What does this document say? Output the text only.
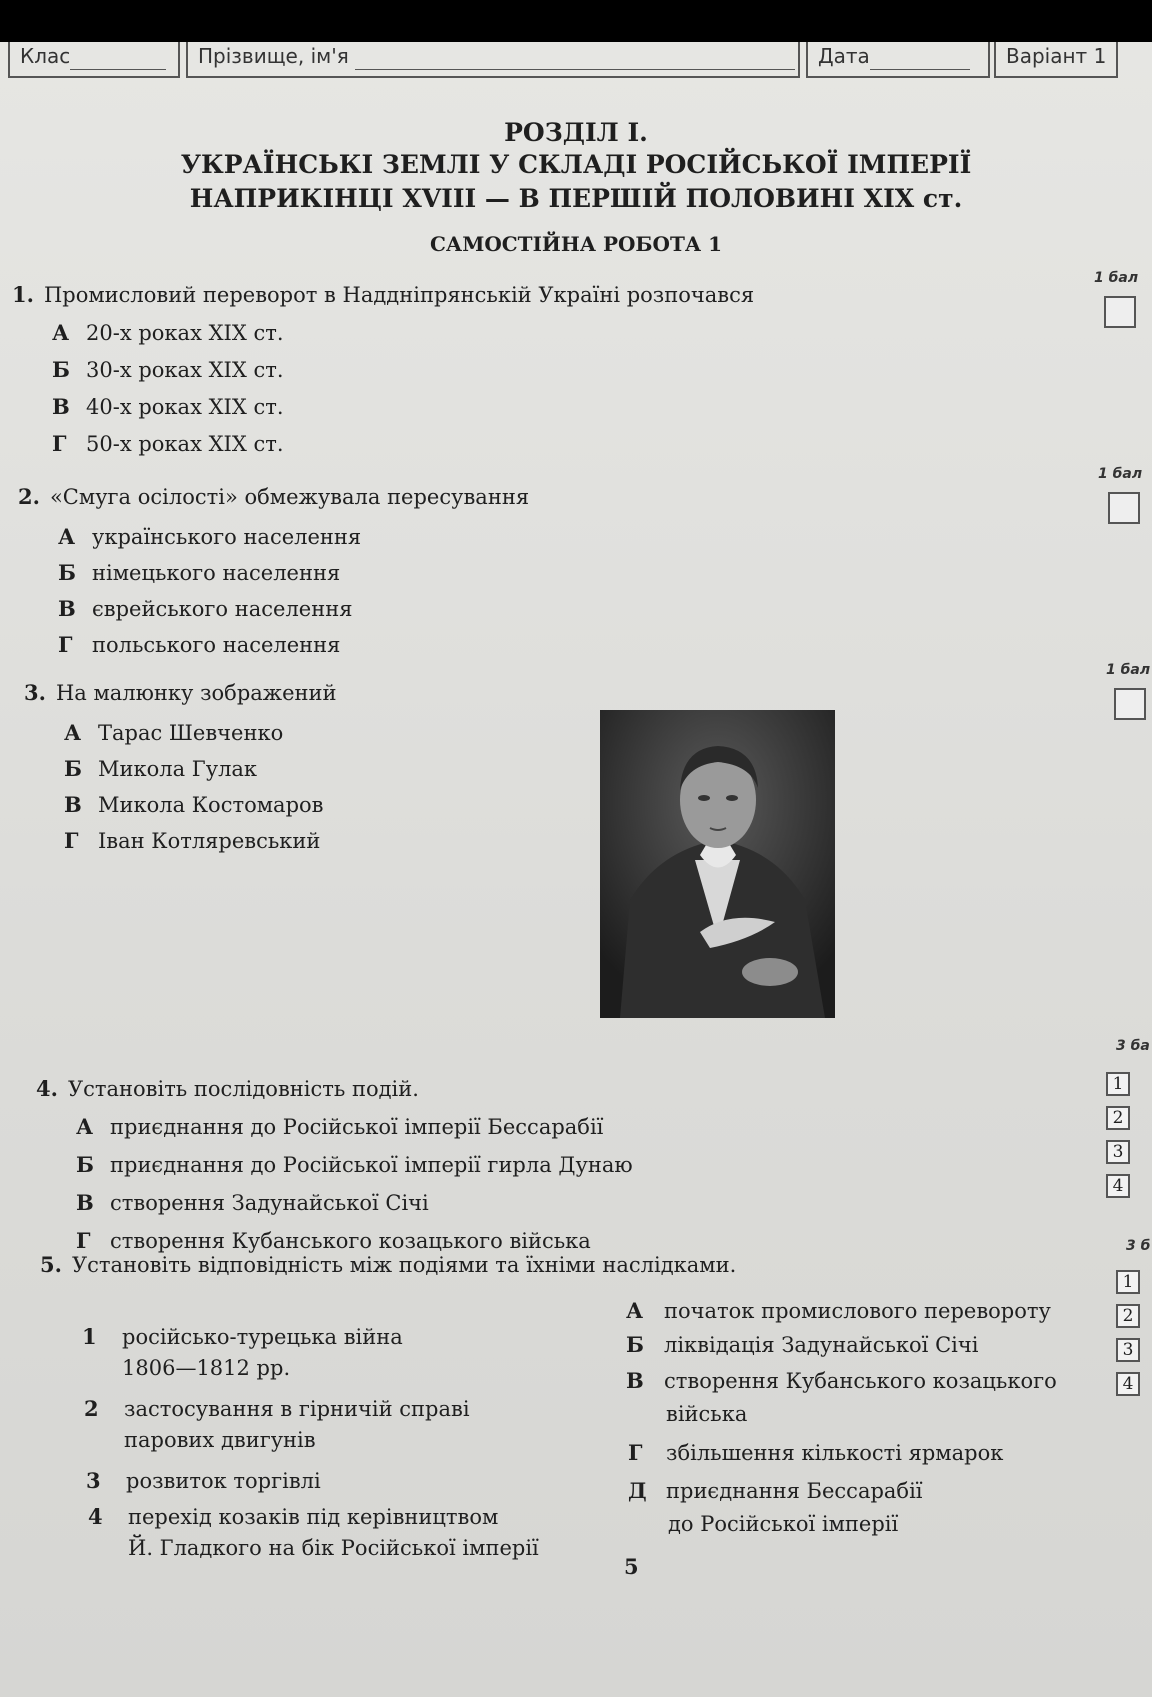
Клас	Прізвище, ім'я	Дата	Варіант 1
РОЗДІЛ І.
УКРАЇНСЬКІ ЗЕМЛІ У СКЛАДІ РОСІЙСЬКОЇ ІМПЕРІЇ
НАПРИКІНЦІ XVIII — В ПЕРШІЙ ПОЛОВИНІ XIX ст.
САМОСТІЙНА РОБОТА 1
1. Промисловий переворот в Наддніпрянській Україні розпочався
А 20-х роках XIX ст.
Б 30-х роках XIX ст.
В 40-х роках XIX ст.
Г 50-х роках XIX ст.
1 бал
2. «Смуга осілості» обмежувала пересування
А українського населення
Б німецького населення
В єврейського населення
Г польського населення
1 бал
3. На малюнку зображений
А Тарас Шевченко
Б Микола Гулак
В Микола Костомаров
Г Іван Котляревський
1 бал
4. Установіть послідовність подій.
А приєднання до Російської імперії Бессарабії
Б приєднання до Російської імперії гирла Дунаю
В створення Задунайської Січі
Г створення Кубанського козацького війська
3 ба
1
2
3
4
5. Установіть відповідність між подіями та їхніми наслідками.
3 б
1
2
3
4
1 російсько-турецька війна
1806—1812 рр.
2 застосування в гірничій справі
парових двигунів
3 розвиток торгівлі
4 перехід козаків під керівництвом
Й. Гладкого на бік Російської імперії
А початок промислового перевороту
Б ліквідація Задунайської Січі
В створення Кубанського козацького
війська
Г збільшення кількості ярмарок
Д приєднання Бессарабії
до Російської імперії
5
